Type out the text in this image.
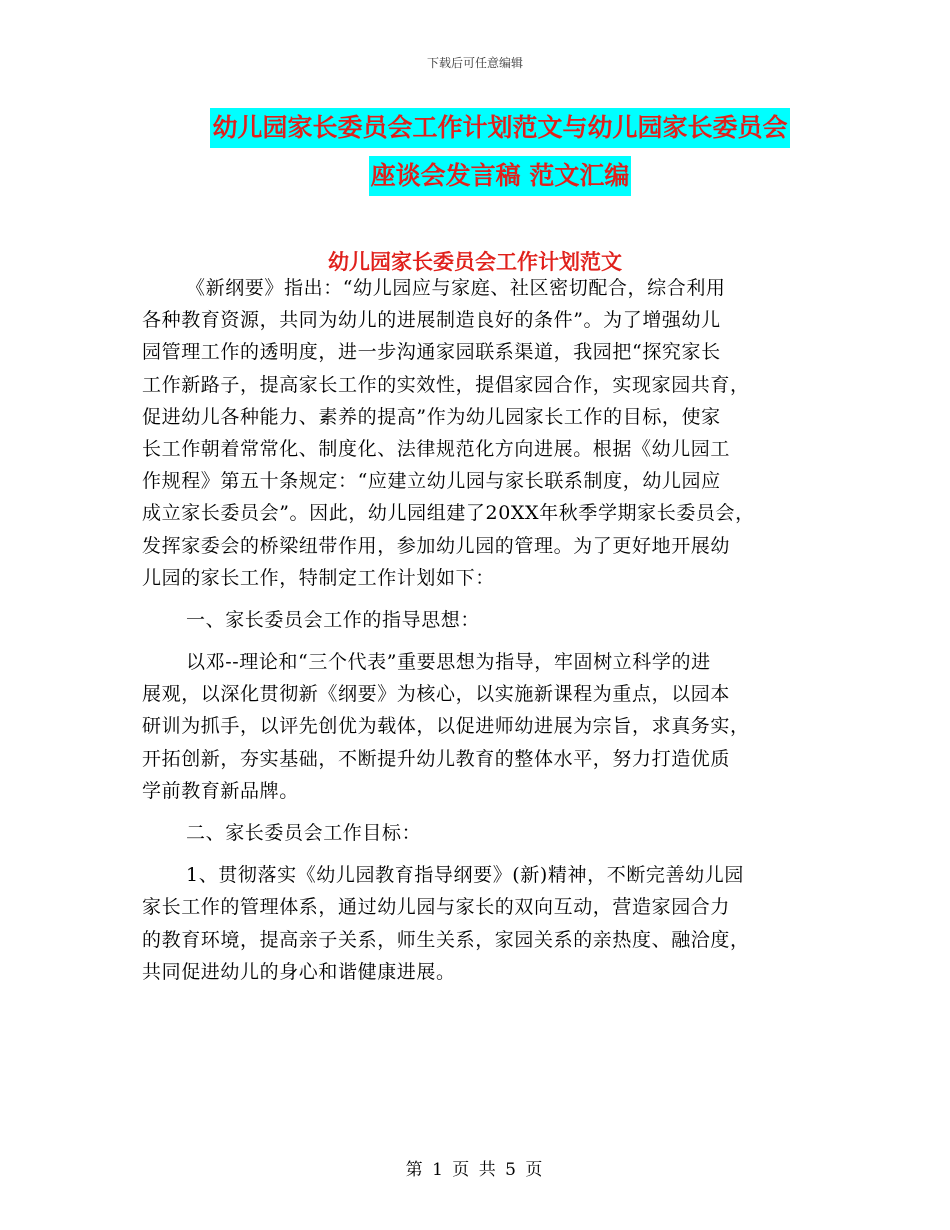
下载后可任意编辑
幼儿园家长委员会工作计划范文与幼儿园家长委员会
座谈会发言稿 范文汇编
幼儿园家长委员会工作计划范文
《新纲要》指出：“幼儿园应与家庭、社区密切配合，综合利用
各种教育资源，共同为幼儿的进展制造良好的条件”。为了增强幼儿
园管理工作的透明度，进一步沟通家园联系渠道，我园把“探究家长
工作新路子，提高家长工作的实效性，提倡家园合作，实现家园共育，
促进幼儿各种能力、素养的提高”作为幼儿园家长工作的目标，使家
长工作朝着常常化、制度化、法律规范化方向进展。根据《幼儿园工
作规程》第五十条规定：“应建立幼儿园与家长联系制度，幼儿园应
成立家长委员会”。因此，幼儿园组建了20XX年秋季学期家长委员会，
发挥家委会的桥梁纽带作用，参加幼儿园的管理。为了更好地开展幼
儿园的家长工作，特制定工作计划如下：
一、家长委员会工作的指导思想：
以邓--理论和“三个代表”重要思想为指导，牢固树立科学的进
展观，以深化贯彻新《纲要》为核心，以实施新课程为重点，以园本
研训为抓手，以评先创优为载体，以促进师幼进展为宗旨，求真务实，
开拓创新，夯实基础，不断提升幼儿教育的整体水平，努力打造优质
学前教育新品牌。
二、家长委员会工作目标：
1、贯彻落实《幼儿园教育指导纲要》(新)精神，不断完善幼儿园
家长工作的管理体系，通过幼儿园与家长的双向互动，营造家园合力
的教育环境，提高亲子关系，师生关系，家园关系的亲热度、融洽度，
共同促进幼儿的身心和谐健康进展。
第 1 页 共 5 页
